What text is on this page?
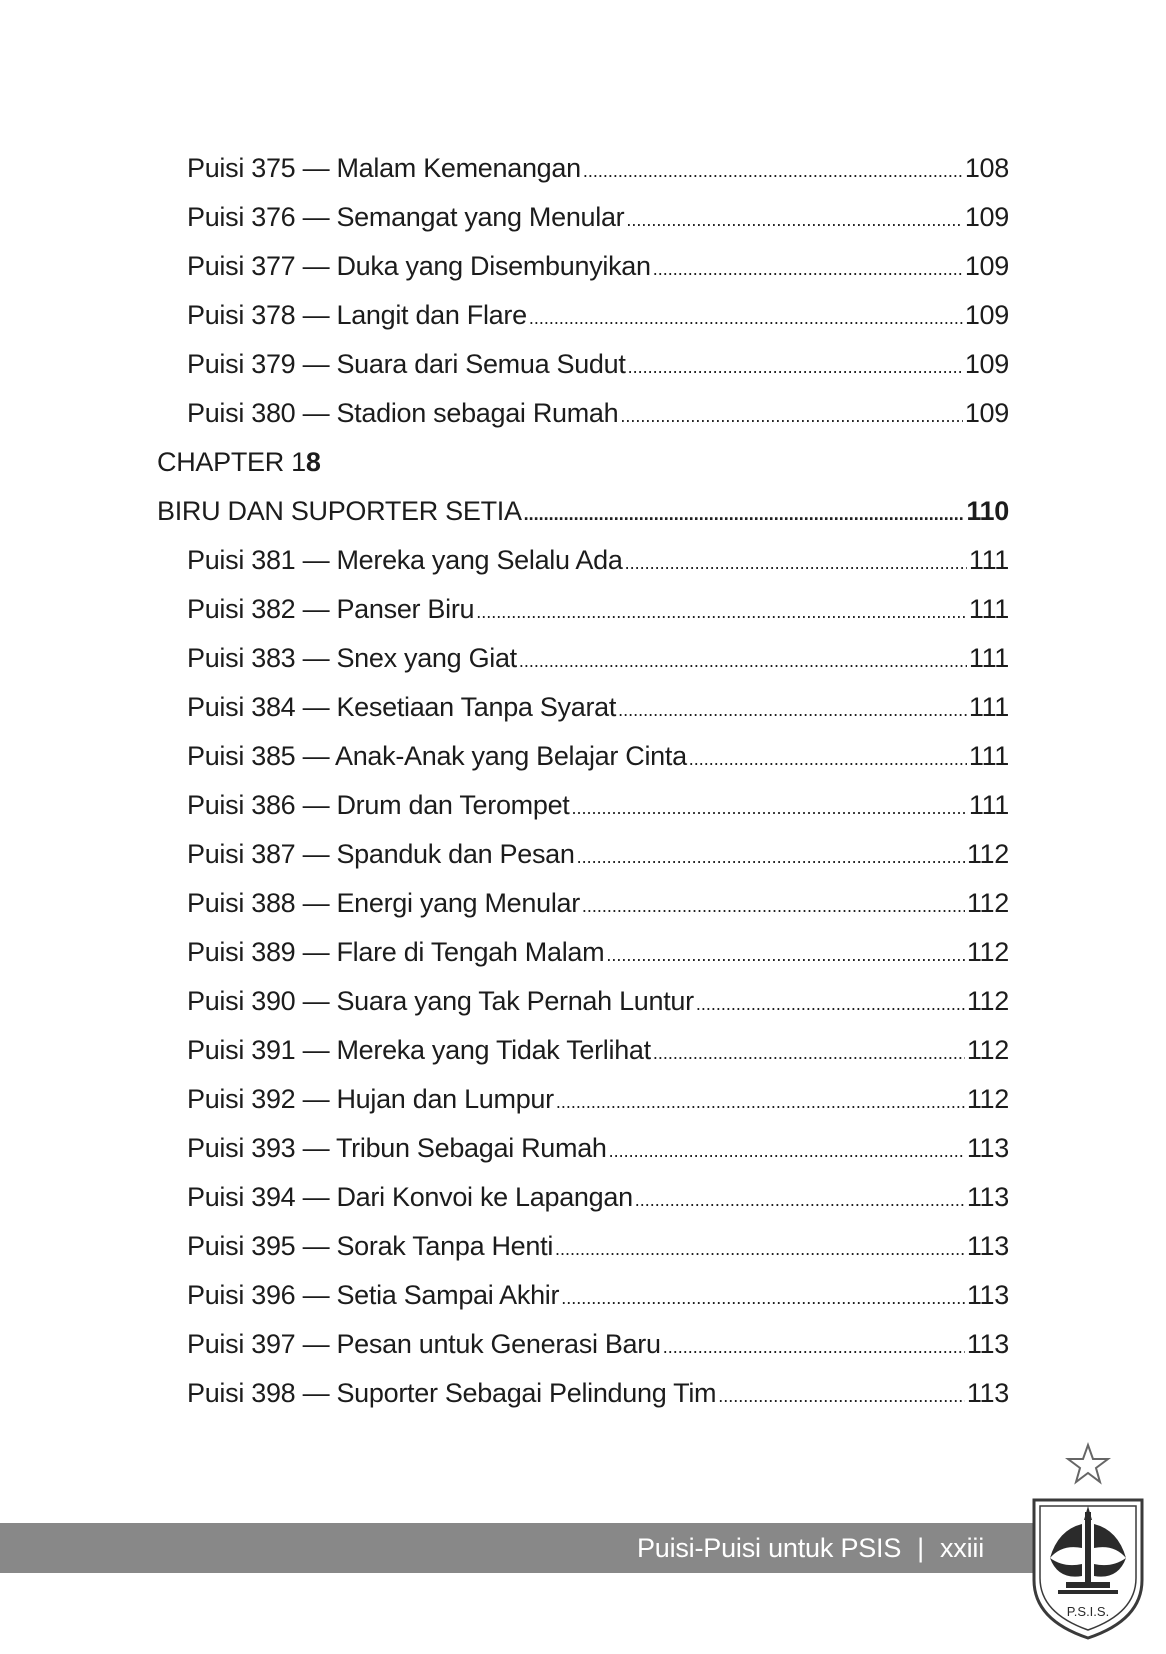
Puisi 375 — Malam Kemenangan .....	108
Puisi 376 — Semangat yang Menular .....	109
Puisi 377 — Duka yang Disembunyikan .....	109
Puisi 378 — Langit dan Flare .....	109
Puisi 379 — Suara dari Semua Sudut .....	109
Puisi 380 — Stadion sebagai Rumah .....	109
CHAPTER 18
BIRU DAN SUPORTER SETIA .....	110
Puisi 381 — Mereka yang Selalu Ada .....	111
Puisi 382 — Panser Biru .....	111
Puisi 383 — Snex yang Giat .....	111
Puisi 384 — Kesetiaan Tanpa Syarat .....	111
Puisi 385 — Anak-Anak yang Belajar Cinta .....	111
Puisi 386 — Drum dan Terompet .....	111
Puisi 387 — Spanduk dan Pesan .....	112
Puisi 388 — Energi yang Menular .....	112
Puisi 389 — Flare di Tengah Malam .....	112
Puisi 390 — Suara yang Tak Pernah Luntur .....	112
Puisi 391 — Mereka yang Tidak Terlihat .....	112
Puisi 392 — Hujan dan Lumpur .....	112
Puisi 393 — Tribun Sebagai Rumah .....	113
Puisi 394 — Dari Konvoi ke Lapangan .....	113
Puisi 395 — Sorak Tanpa Henti .....	113
Puisi 396 — Setia Sampai Akhir .....	113
Puisi 397 — Pesan untuk Generasi Baru .....	113
Puisi 398 — Suporter Sebagai Pelindung Tim .....	113
Puisi-Puisi untuk PSIS | xxiii
P.S.I.S.
